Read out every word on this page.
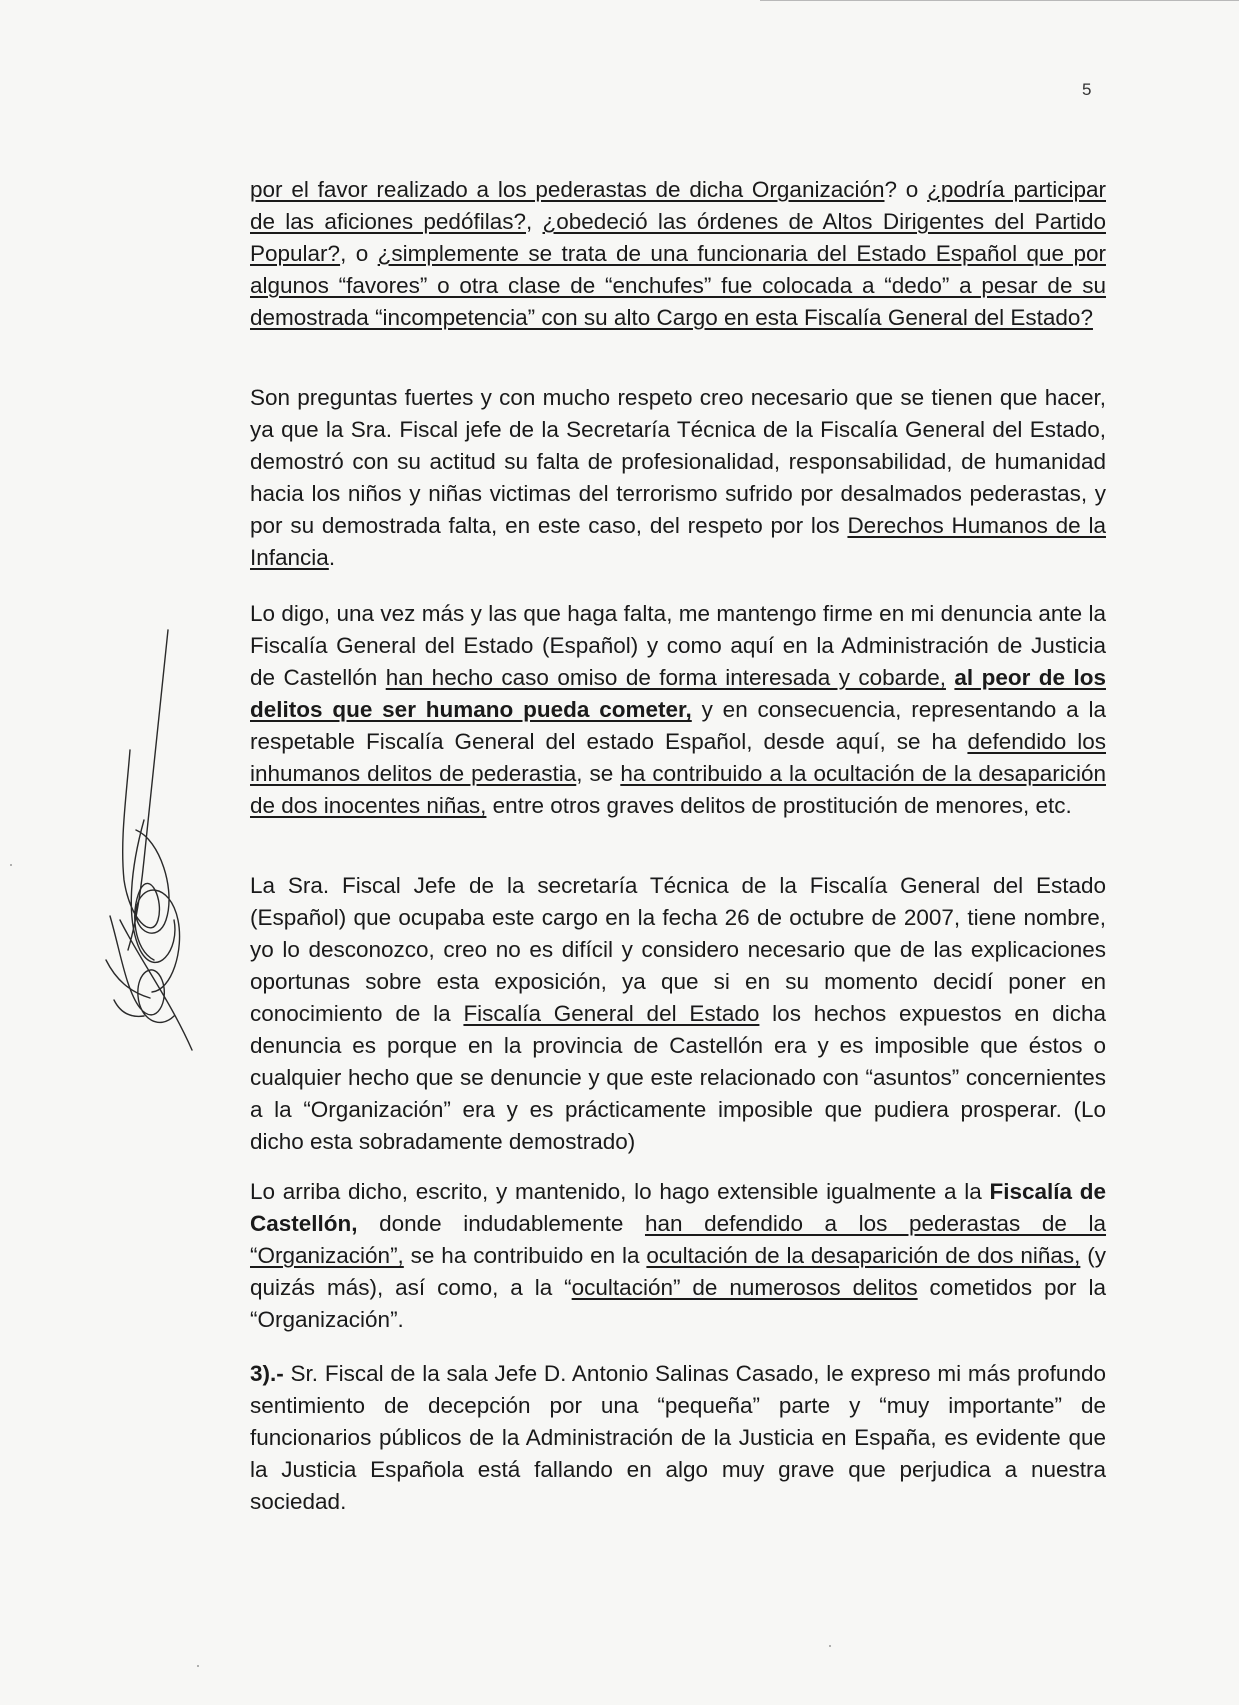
5
por el favor realizado a los pederastas de dicha Organización? o ¿podría participar de las aficiones pedófilas?, ¿obedeció las órdenes de Altos Dirigentes del Partido Popular?, o ¿simplemente se trata de una funcionaria del Estado Español que por algunos “favores” o otra clase de “enchufes” fue colocada a “dedo” a pesar de su demostrada “incompetencia” con su alto Cargo en esta Fiscalía General del Estado?
Son preguntas fuertes y con mucho respeto creo necesario que se tienen que hacer, ya que la Sra. Fiscal jefe de la Secretaría Técnica de la Fiscalía General del Estado, demostró con su actitud su falta de profesionalidad, responsabilidad, de humanidad hacia los niños y niñas victimas del terrorismo sufrido por desalmados pederastas, y por su demostrada falta, en este caso, del respeto por los Derechos Humanos de la Infancia.
Lo digo, una vez más y las que haga falta, me mantengo firme en mi denuncia ante la Fiscalía General del Estado (Español) y como aquí en la Administración de Justicia de Castellón han hecho caso omiso de forma interesada y cobarde, al peor de los delitos que ser humano pueda cometer, y en consecuencia, representando a la respetable Fiscalía General del estado Español, desde aquí, se ha defendido los inhumanos delitos de pederastia, se ha contribuido a la ocultación de la desaparición de dos inocentes niñas, entre otros graves delitos de prostitución de menores, etc.
La Sra. Fiscal Jefe de la secretaría Técnica de la Fiscalía General del Estado (Español) que ocupaba este cargo en la fecha 26 de octubre de 2007, tiene nombre, yo lo desconozco, creo no es difícil y considero necesario que de las explicaciones oportunas sobre esta exposición, ya que si en su momento decidí poner en conocimiento de la Fiscalía General del Estado los hechos expuestos en dicha denuncia es porque en la provincia de Castellón era y es imposible que éstos o cualquier hecho que se denuncie y que este relacionado con “asuntos” concernientes a la “Organización” era y es prácticamente imposible que pudiera prosperar. (Lo dicho esta sobradamente demostrado)
Lo arriba dicho, escrito, y mantenido, lo hago extensible igualmente a la Fiscalía de Castellón, donde indudablemente han defendido a los pederastas de la “Organización”, se ha contribuido en la ocultación de la desaparición de dos niñas, (y quizás más), así como, a la “ocultación” de numerosos delitos cometidos por la “Organización”.
3).- Sr. Fiscal de la sala Jefe D. Antonio Salinas Casado, le expreso mi más profundo sentimiento de decepción por una “pequeña” parte y “muy importante” de funcionarios públicos de la Administración de la Justicia en España, es evidente que la Justicia Española está fallando en algo muy grave que perjudica a nuestra sociedad.
